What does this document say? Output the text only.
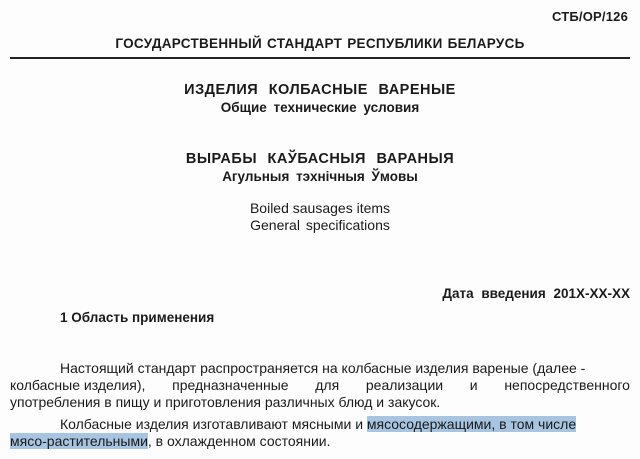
СТБ/ОР/126
ГОСУДАРСТВЕННЫЙ СТАНДАРТ РЕСПУБЛИКИ БЕЛАРУСЬ
ИЗДЕЛИЯ КОЛБАСНЫЕ ВАРЕНЫЕ
Общие технические условия
ВЫРАБЫ КАЎБАСНЫЯ ВАРАНЫЯ
Агульныя тэхнічныя Ўмовы
Boiled sausages items
General specifications
Дата введения 201Х-ХХ-ХХ
1 Область применения
Настоящий стандарт распространяется на колбасные изделия вареные (далее -
колбасные изделия), предназначенные для реализации и непосредственного
употребления в пищу и приготовления различных блюд и закусок.
Колбасные изделия изготавливают мясными и мясосодержащими, в том числе
мясо-растительными, в охлажденном состоянии.
